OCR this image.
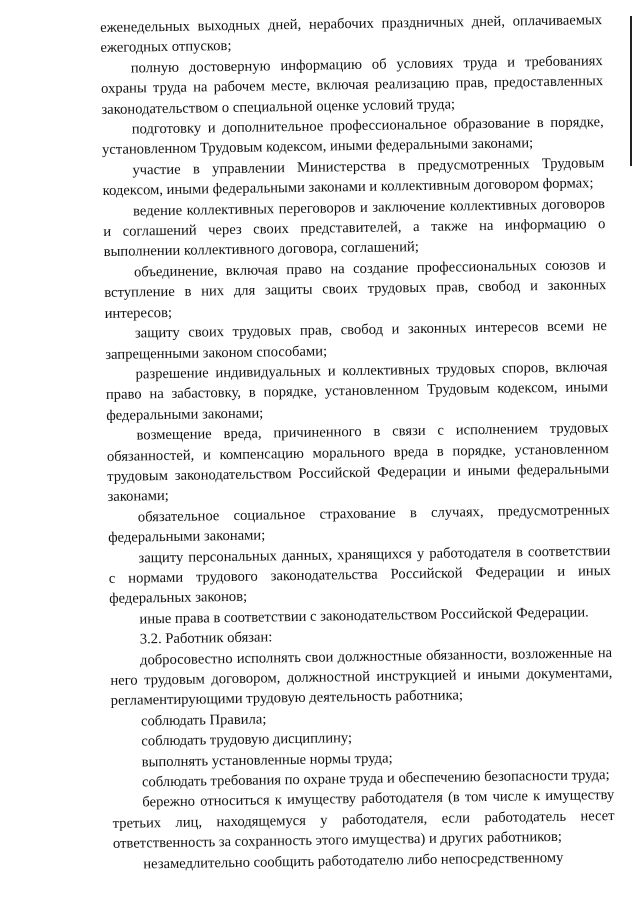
еженедельных выходных дней, нерабочих праздничных дней, оплачиваемых ежегодных отпусков;

полную достоверную информацию об условиях труда и требованиях охраны труда на рабочем месте, включая реализацию прав, предоставленных законодательством о специальной оценке условий труда;

подготовку и дополнительное профессиональное образование в порядке, установленном Трудовым кодексом, иными федеральными законами;

участие в управлении Министерства в предусмотренных Трудовым кодексом, иными федеральными законами и коллективным договором формах;

ведение коллективных переговоров и заключение коллективных договоров и соглашений через своих представителей, а также на информацию о выполнении коллективного договора, соглашений;

объединение, включая право на создание профессиональных союзов и вступление в них для защиты своих трудовых прав, свобод и законных интересов;

защиту своих трудовых прав, свобод и законных интересов всеми не запрещенными законом способами;

разрешение индивидуальных и коллективных трудовых споров, включая право на забастовку, в порядке, установленном Трудовым кодексом, иными федеральными законами;

возмещение вреда, причиненного в связи с исполнением трудовых обязанностей, и компенсацию морального вреда в порядке, установленном трудовым законодательством Российской Федерации и иными федеральными законами;

обязательное социальное страхование в случаях, предусмотренных федеральными законами;

защиту персональных данных, хранящихся у работодателя в соответствии с нормами трудового законодательства Российской Федерации и иных федеральных законов;

иные права в соответствии с законодательством Российской Федерации.

3.2. Работник обязан:

добросовестно исполнять свои должностные обязанности, возложенные на него трудовым договором, должностной инструкцией и иными документами, регламентирующими трудовую деятельность работника;

соблюдать Правила;

соблюдать трудовую дисциплину;

выполнять установленные нормы труда;

соблюдать требования по охране труда и обеспечению безопасности труда;

бережно относиться к имуществу работодателя (в том числе к имуществу третьих лиц, находящемуся у работодателя, если работодатель несет ответственность за сохранность этого имущества) и других работников;

незамедлительно сообщить работодателю либо непосредственному
